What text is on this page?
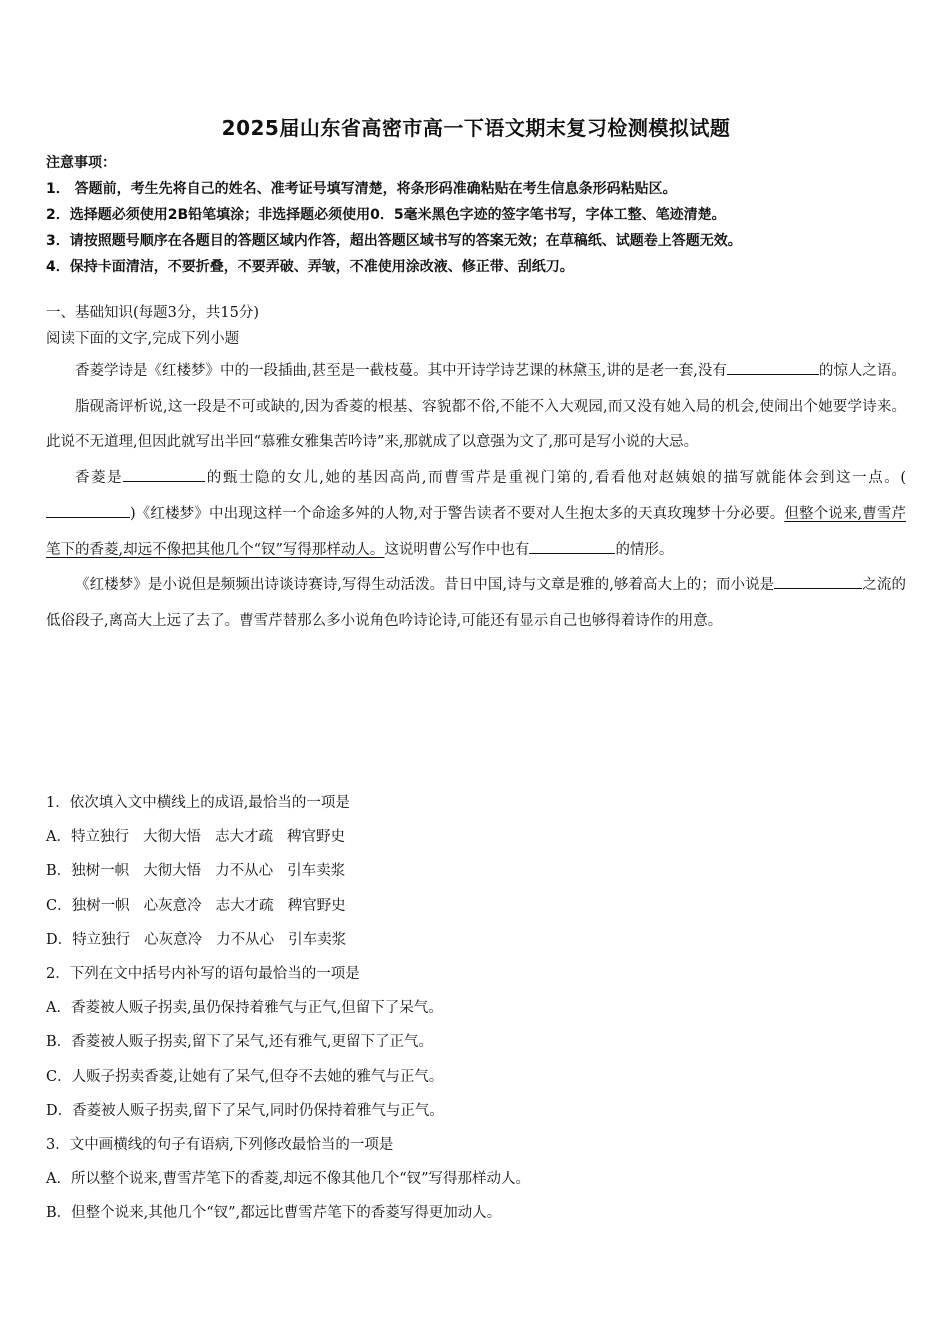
2025届山东省高密市高一下语文期末复习检测模拟试题
注意事项：
1． 答题前，考生先将自己的姓名、准考证号填写清楚，将条形码准确粘贴在考生信息条形码粘贴区。
2．选择题必须使用2B铅笔填涂；非选择题必须使用0．5毫米黑色字迹的签字笔书写，字体工整、笔迹清楚。
3．请按照题号顺序在各题目的答题区域内作答，超出答题区域书写的答案无效；在草稿纸、试题卷上答题无效。
4．保持卡面清洁，不要折叠，不要弄破、弄皱，不准使用涂改液、修正带、刮纸刀。
一、基础知识(每题3分，共15分)
阅读下面的文字,完成下列小题

香菱学诗是《红楼梦》中的一段插曲,甚至是一截枝蔓。其中开诗学诗艺课的林黛玉,讲的是老一套,没有	的惊人之语。

脂砚斋评析说,这一段是不可或缺的,因为香菱的根基、容貌都不俗,不能不入大观园,而又没有她入局的机会,使闹出个她要学诗来。此说不无道理,但因此就写出半回“慕雅女雅集苦吟诗”来,那就成了以意强为文了,那可是写小说的大忌。

香菱是	的甄士隐的女儿,她的基因高尚,而曹雪芹是重视门第的,看看他对赵姨娘的描写就能体会到这一点。()《红楼梦》中出现这样一个命途多舛的人物,对于警告读者不要对人生抱太多的天真玫瑰梦十分必要。但整个说来,曹雪芹笔下的香菱,却远不像把其他几个“钗”写得那样动人。这说明曹公写作中也有	的情形。

《红楼梦》是小说但是频频出诗谈诗赛诗,写得生动活泼。昔日中国,诗与文章是雅的,够着高大上的；而小说是	之流的低俗段子,离高大上远了去了。曹雪芹替那么多小说角色吟诗论诗,可能还有显示自己也够得着诗作的用意。

1．依次填入文中横线上的成语,最恰当的一项是
A．特立独行 大彻大悟 志大才疏 稗官野史
B．独树一帜 大彻大悟 力不从心 引车卖浆
C．独树一帜 心灰意冷 志大才疏 稗官野史
D．特立独行 心灰意冷 力不从心 引车卖浆
2．下列在文中括号内补写的语句最恰当的一项是
A．香菱被人贩子拐卖,虽仍保持着雅气与正气,但留下了呆气。
B．香菱被人贩子拐卖,留下了呆气,还有雅气,更留下了正气。
C．人贩子拐卖香菱,让她有了呆气,但夺不去她的雅气与正气。
D．香菱被人贩子拐卖,留下了呆气,同时仍保持着雅气与正气。
3．文中画横线的句子有语病,下列修改最恰当的一项是
A．所以整个说来,曹雪芹笔下的香菱,却远不像其他几个“钗”写得那样动人。
B．但整个说来,其他几个“钗”,都远比曹雪芹笔下的香菱写得更加动人。
